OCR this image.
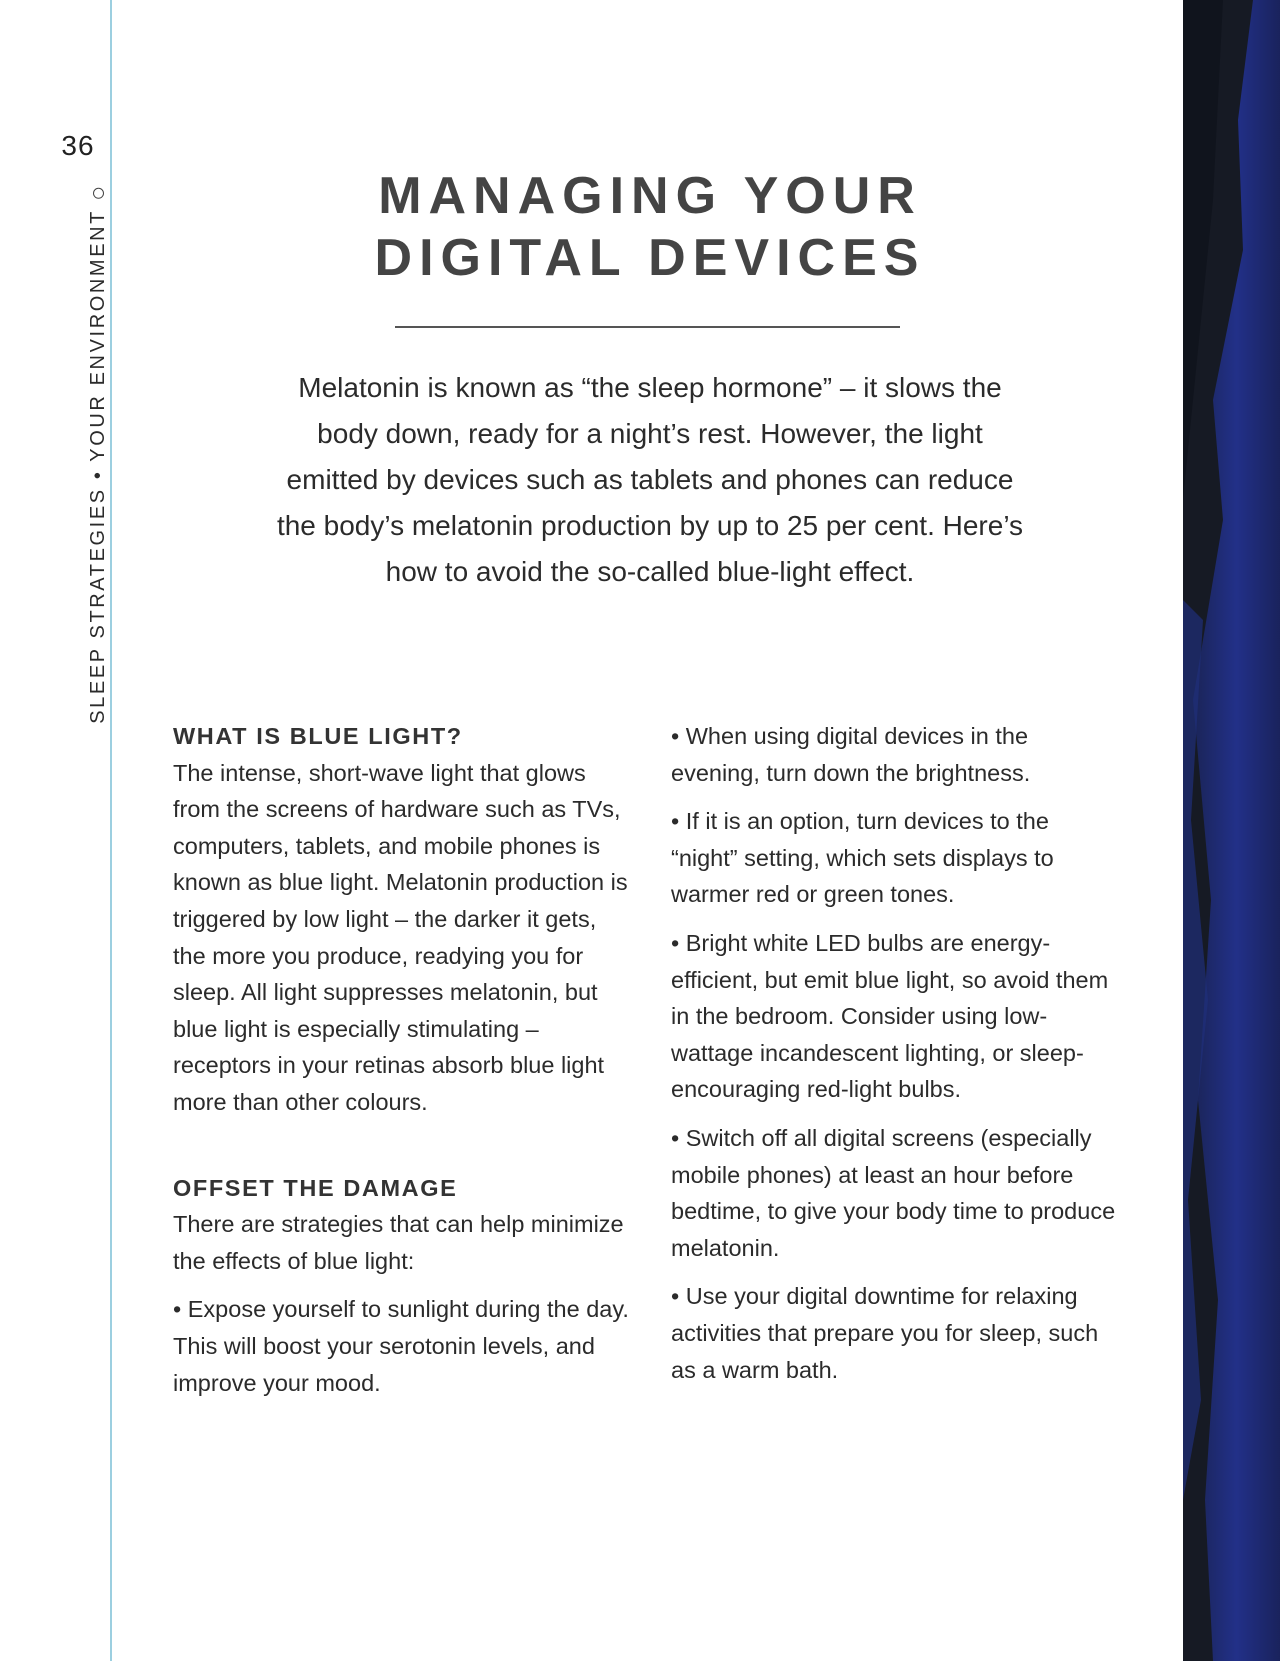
36
SLEEP STRATEGIES • YOUR ENVIRONMENT
MANAGING YOUR
DIGITAL DEVICES
Melatonin is known as “the sleep hormone” – it slows the
body down, ready for a night’s rest. However, the light
emitted by devices such as tablets and phones can reduce
the body’s melatonin production by up to 25 per cent. Here’s
how to avoid the so-called blue-light effect.
WHAT IS BLUE LIGHT?

The intense, short-wave light that glows from the screens of hardware such as TVs, computers, tablets, and mobile phones is known as blue light. Melatonin production is triggered by low light – the darker it gets, the more you produce, readying you for sleep. All light suppresses melatonin, but blue light is especially stimulating – receptors in your retinas absorb blue light more than other colours.

OFFSET THE DAMAGE

There are strategies that can help minimize the effects of blue light:

• Expose yourself to sunlight during the day. This will boost your serotonin levels, and improve your mood.

• When using digital devices in the evening, turn down the brightness.

• If it is an option, turn devices to the “night” setting, which sets displays to warmer red or green tones.

• Bright white LED bulbs are energy-efficient, but emit blue light, so avoid them in the bedroom. Consider using low-wattage incandescent lighting, or sleep-encouraging red-light bulbs.

• Switch off all digital screens (especially mobile phones) at least an hour before bedtime, to give your body time to produce melatonin.

• Use your digital downtime for relaxing activities that prepare you for sleep, such as a warm bath.
